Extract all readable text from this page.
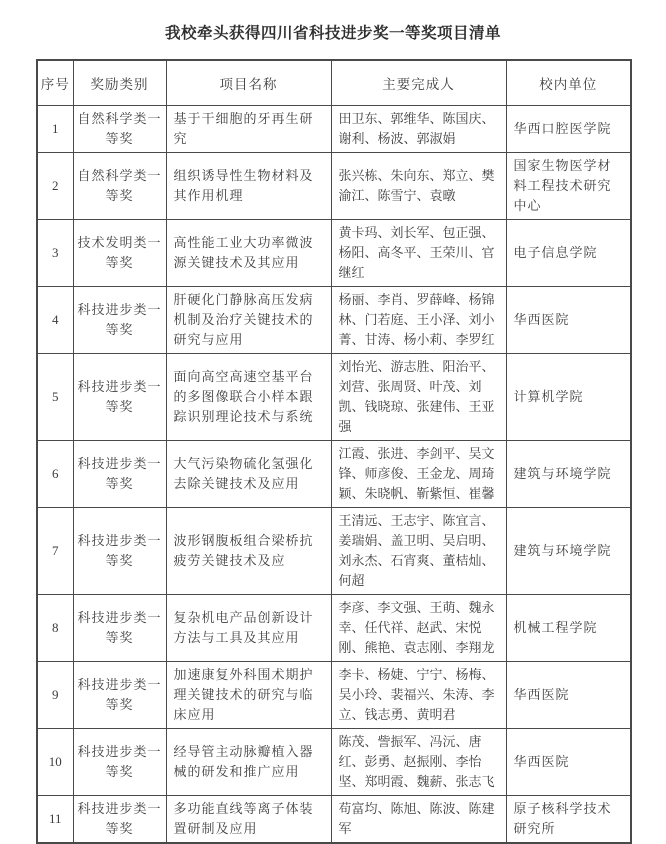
我校牵头获得四川省科技进步奖一等奖项目清单
序号	奖励类别	项目名称	主要完成人	校内单位
1	自然科学类一等奖	基于干细胞的牙再生研究	田卫东、郭维华、陈国庆、谢利、杨波、郭淑娟	华西口腔医学院
2	自然科学类一等奖	组织诱导性生物材料及其作用机理	张兴栋、朱向东、郑立、樊渝江、陈雪宁、袁暾	国家生物医学材料工程技术研究中心
3	技术发明类一等奖	高性能工业大功率微波源关键技术及其应用	黄卡玛、刘长军、包正强、杨阳、高冬平、王荣川、官继红	电子信息学院
4	科技进步类一等奖	肝硬化门静脉高压发病机制及治疗关键技术的研究与应用	杨丽、李肖、罗薛峰、杨锦林、门若庭、王小泽、刘小菁、甘涛、杨小莉、李罗红	华西医院
5	科技进步类一等奖	面向高空高速空基平台的多图像联合小样本跟踪识别理论技术与系统	刘怡光、游志胜、阳治平、刘营、张周贤、叶茂、刘凯、钱晓琼、张建伟、王亚强	计算机学院
6	科技进步类一等奖	大气污染物硫化氢强化去除关键技术及应用	江霞、张进、李剑平、吴文锋、师彦俊、王金龙、周琦颖、朱晓帆、靳紫恒、崔馨	建筑与环境学院
7	科技进步类一等奖	波形钢腹板组合梁桥抗疲劳关键技术及应	王清远、王志宇、陈宜言、姜瑞娟、盖卫明、吴启明、刘永杰、石宵爽、董桔灿、何超	建筑与环境学院
8	科技进步类一等奖	复杂机电产品创新设计方法与工具及其应用	李彦、李文强、王萌、魏永幸、任代祥、赵武、宋悦刚、熊艳、袁志刚、李翔龙	机械工程学院
9	科技进步类一等奖	加速康复外科围术期护理关键技术的研究与临床应用	李卡、杨婕、宁宁、杨梅、吴小玲、裴福兴、朱涛、李立、钱志勇、黄明君	华西医院
10	科技进步类一等奖	经导管主动脉瓣植入器械的研发和推广应用	陈茂、訾振军、冯沅、唐红、彭勇、赵振刚、李怡坚、郑明霞、魏薪、张志飞	华西医院
11	科技进步类一等奖	多功能直线等离子体装置研制及应用	苟富均、陈旭、陈波、陈建军	原子核科学技术研究所
